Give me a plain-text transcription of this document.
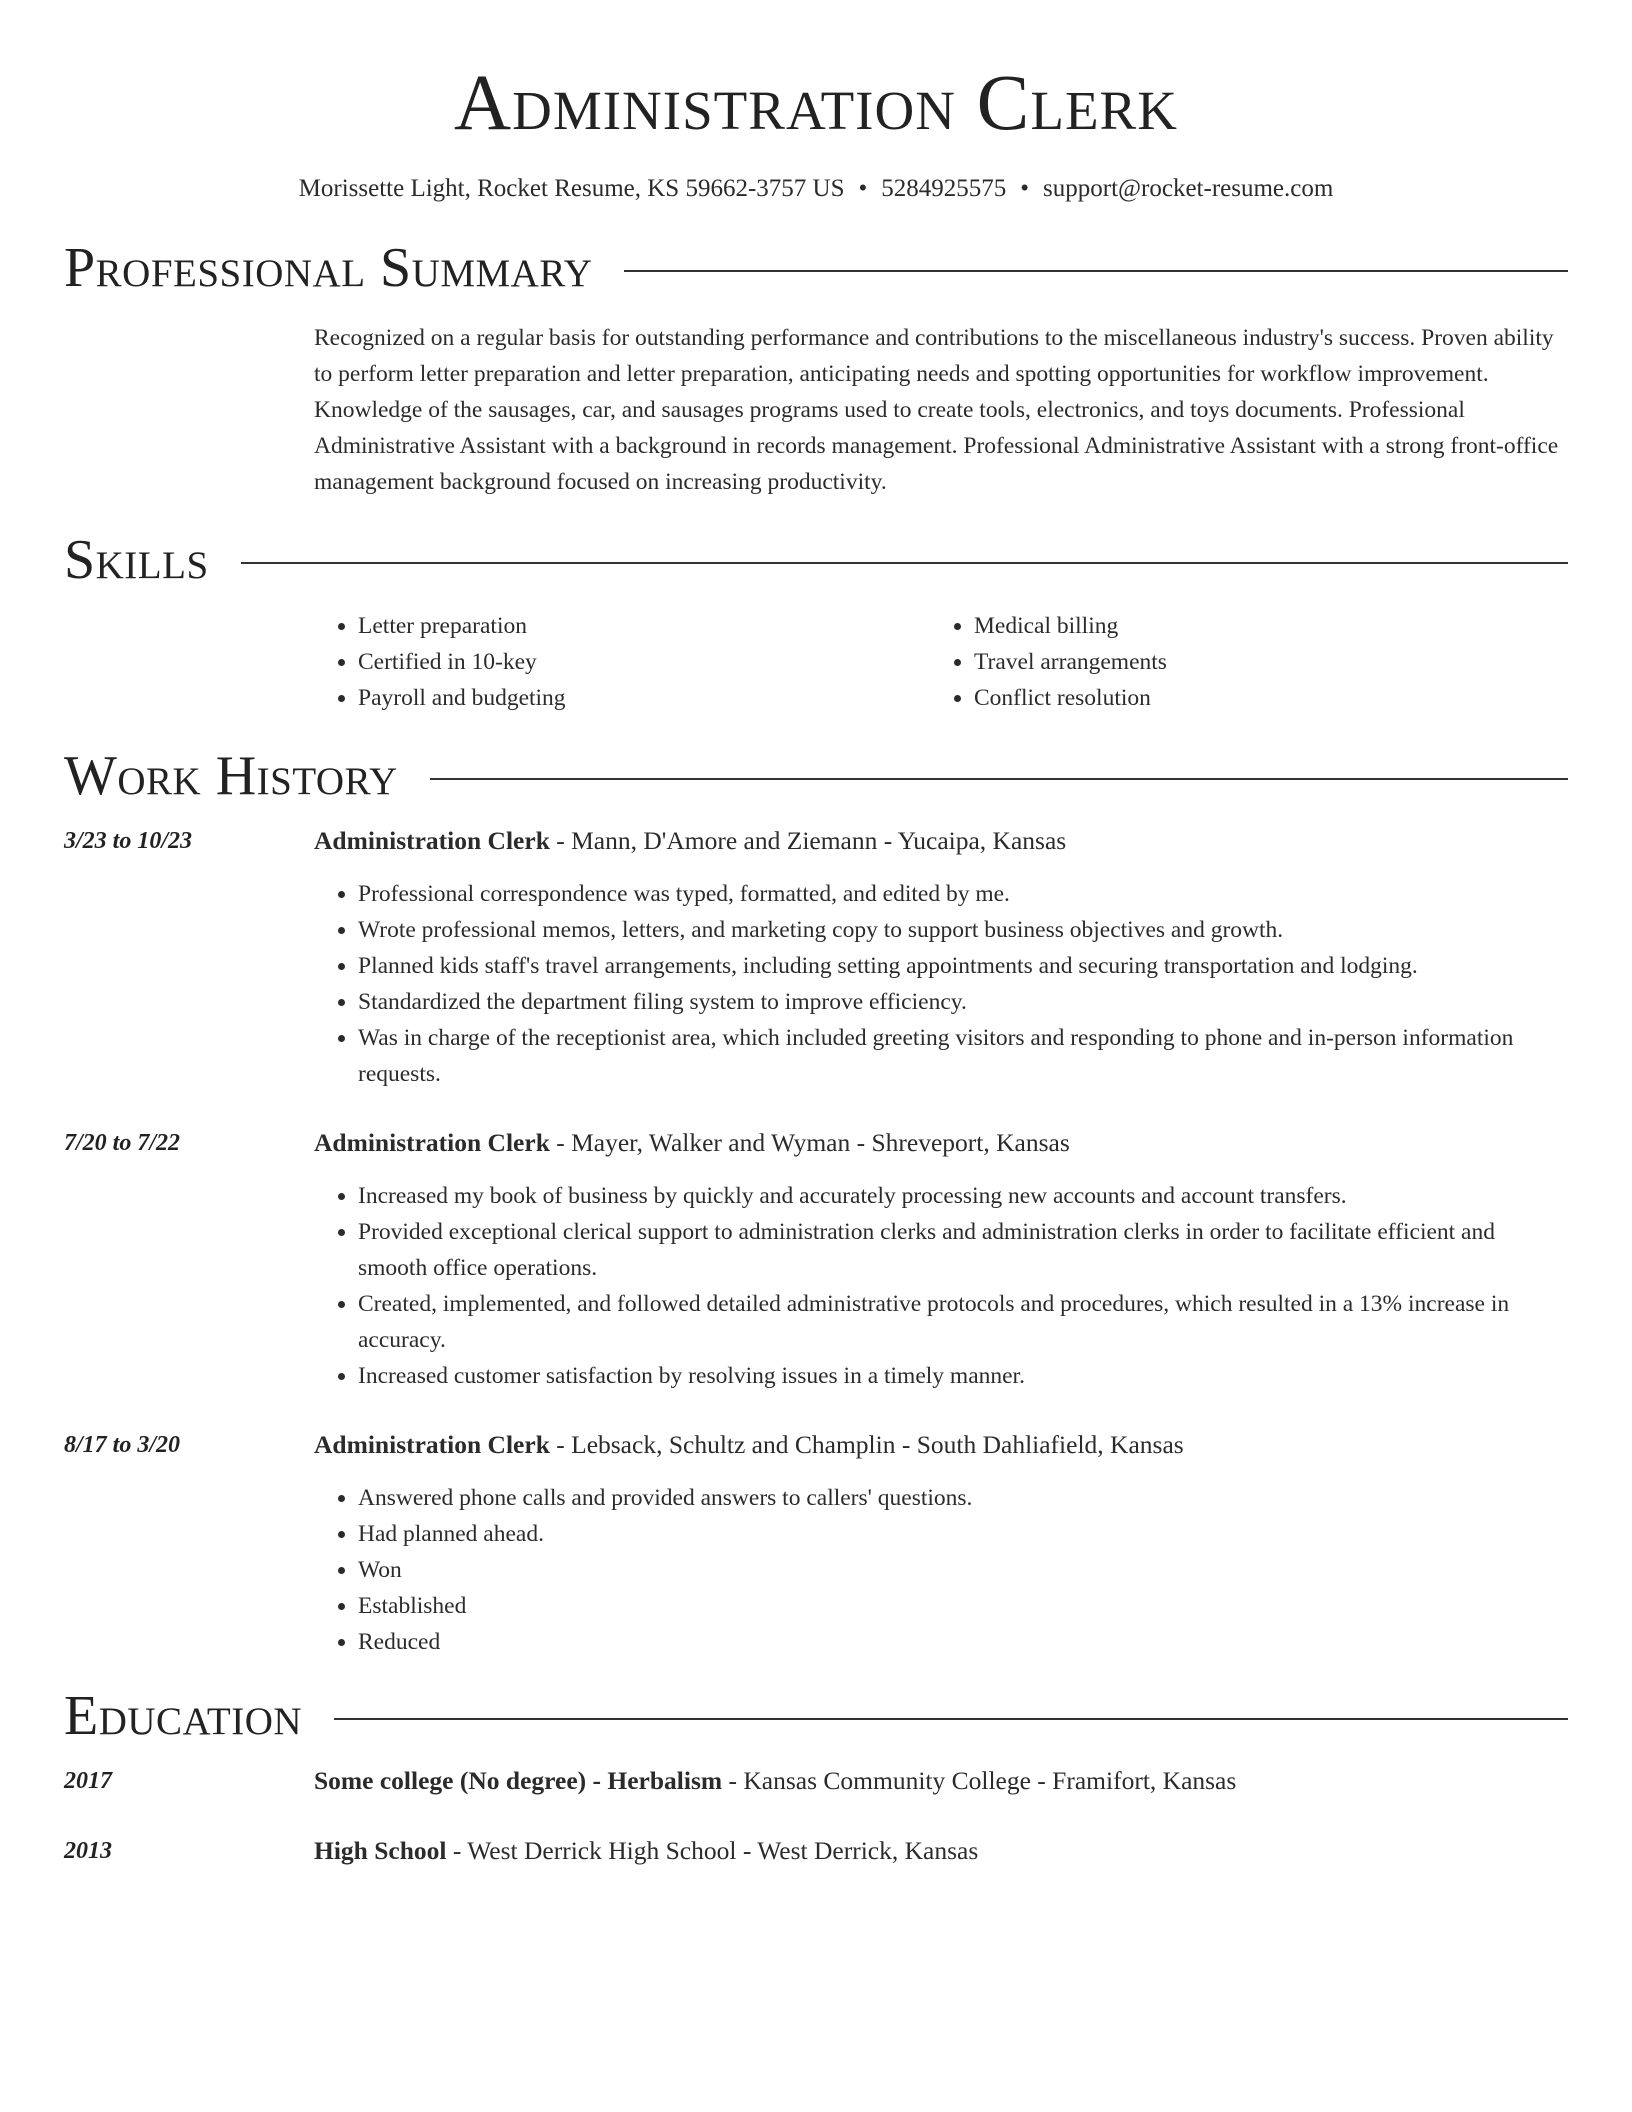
Administration Clerk
Morissette Light, Rocket Resume, KS 59662-3757 US • 5284925575 • support@rocket-resume.com
Professional Summary

Recognized on a regular basis for outstanding performance and contributions to the miscellaneous industry's success. Proven ability to perform letter preparation and letter preparation, anticipating needs and spotting opportunities for workflow improvement. Knowledge of the sausages, car, and sausages programs used to create tools, electronics, and toys documents. Professional Administrative Assistant with a background in records management. Professional Administrative Assistant with a strong front-office management background focused on increasing productivity.

Skills
• Letter preparation
• Certified in 10-key
• Payroll and budgeting
• Medical billing
• Travel arrangements
• Conflict resolution
Work History
3/23 to 10/23	Administration Clerk - Mann, D'Amore and Ziemann - Yucaipa, Kansas
• Professional correspondence was typed, formatted, and edited by me.
• Wrote professional memos, letters, and marketing copy to support business objectives and growth.
• Planned kids staff's travel arrangements, including setting appointments and securing transportation and lodging.
• Standardized the department filing system to improve efficiency.
• Was in charge of the receptionist area, which included greeting visitors and responding to phone and in-person information requests.
7/20 to 7/22	Administration Clerk - Mayer, Walker and Wyman - Shreveport, Kansas
• Increased my book of business by quickly and accurately processing new accounts and account transfers.
• Provided exceptional clerical support to administration clerks and administration clerks in order to facilitate efficient and smooth office operations.
• Created, implemented, and followed detailed administrative protocols and procedures, which resulted in a 13% increase in accuracy.
• Increased customer satisfaction by resolving issues in a timely manner.
8/17 to 3/20	Administration Clerk - Lebsack, Schultz and Champlin - South Dahliafield, Kansas
• Answered phone calls and provided answers to callers' questions.
• Had planned ahead.
• Won
• Established
• Reduced
Education
2017	Some college (No degree) - Herbalism - Kansas Community College - Framifort, Kansas
2013	High School - West Derrick High School - West Derrick, Kansas
